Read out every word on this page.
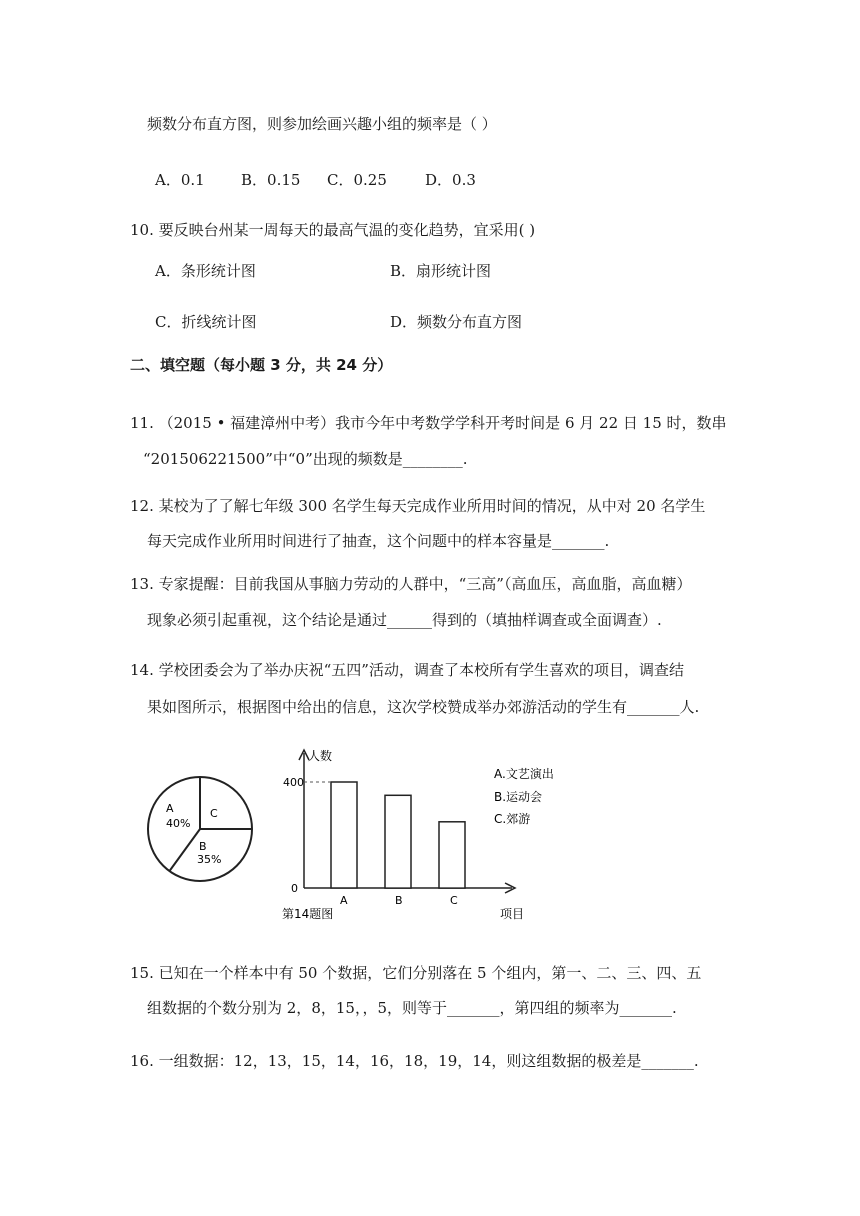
频数分布直方图，则参加绘画兴趣小组的频率是（ ）
A．0.1 B．0.15 C．0.25	D．0.3
10. 要反映台州某一周每天的最高气温的变化趋势，宜采用( )
A．条形统计图	B．扇形统计图
C．折线统计图	D．频数分布直方图
二、填空题（每小题 3 分，共 24 分）
11. （2015 • 福建漳州中考）我市今年中考数学学科开考时间是 6 月 22 日 15 时，数串
“201506221500”中“0”出现的频数是________.
12. 某校为了了解七年级 300 名学生每天完成作业所用时间的情况，从中对 20 名学生
每天完成作业所用时间进行了抽查，这个问题中的样本容量是_______.
13. 专家提醒：目前我国从事脑力劳动的人群中，“三高”（高血压，高血脂，高血糖）
现象必须引起重视，这个结论是通过______得到的（填抽样调查或全面调查）.
14. 学校团委会为了举办庆祝“五四”活动，调查了本校所有学生喜欢的项目，调查结
果如图所示，根据图中给出的信息，这次学校赞成举办郊游活动的学生有_______人.
A
40%
C
B
35%
人数
400
0
A	B	C
项目
第14题图
A.文艺演出
B.运动会
C.郊游
15. 已知在一个样本中有 50 个数据，它们分别落在 5 个组内，第一、二、三、四、五
组数据的个数分别为 2，8，15，，5，则等于_______，第四组的频率为_______.
16. 一组数据：12，13，15，14，16，18，19，14，则这组数据的极差是_______.
